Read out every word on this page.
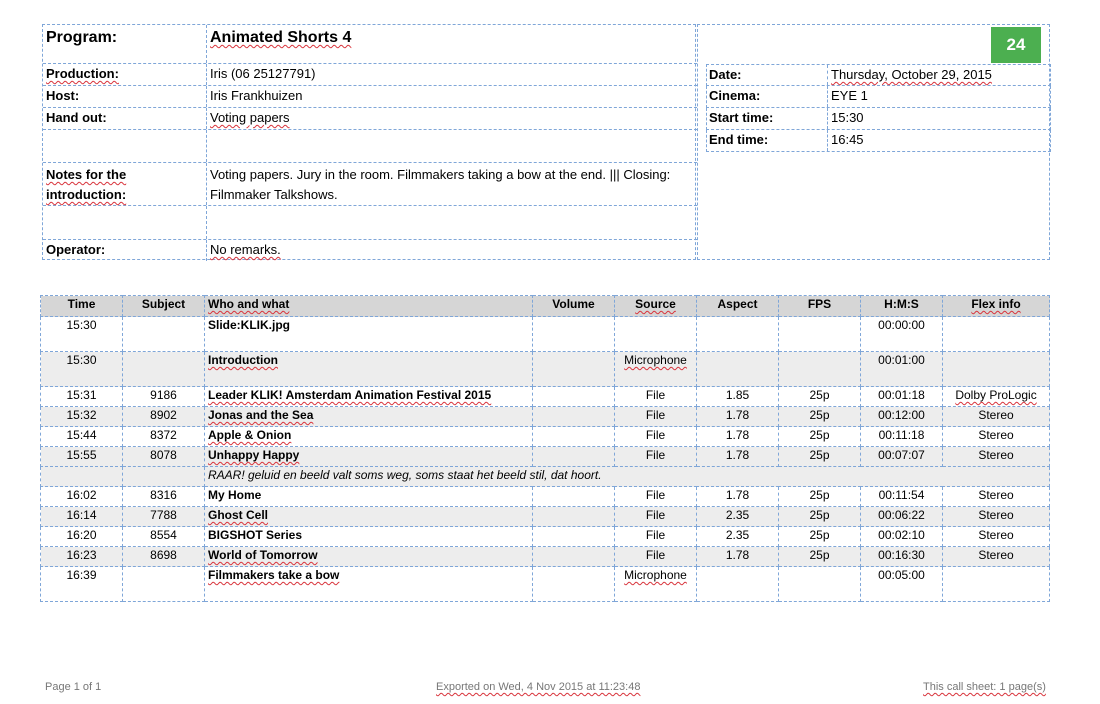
Program:	Animated Shorts 4
Production:	Iris (06 25127791)
Host:	Iris Frankhuizen
Hand out:	Voting papers
Notes for the introduction:
Voting papers. Jury in the room. Filmmakers taking a bow at the end. ||| Closing: Filmmaker Talkshows.
Operator:	No remarks.
24
Date:	Thursday, October 29, 2015
Cinema:	EYE 1
Start time:	15:30
End time:	16:45
Time	Subject	Who and what	Volume	Source	Aspect	FPS	H:M:S	Flex info
15:30		Slide:KLIK.jpg					00:00:00	
15:30		Introduction		Microphone			00:01:00	
15:31	9186	Leader KLIK! Amsterdam Animation Festival 2015		File	1.85	25p	00:01:18	Dolby ProLogic
15:32	8902	Jonas and the Sea		File	1.78	25p	00:12:00	Stereo
15:44	8372	Apple & Onion		File	1.78	25p	00:11:18	Stereo
15:55	8078	Unhappy Happy		File	1.78	25p	00:07:07	Stereo
		RAAR! geluid en beeld valt soms weg, soms staat het beeld stil, dat hoort.						
16:02	8316	My Home		File	1.78	25p	00:11:54	Stereo
16:14	7788	Ghost Cell		File	2.35	25p	00:06:22	Stereo
16:20	8554	BIGSHOT Series		File	2.35	25p	00:02:10	Stereo
16:23	8698	World of Tomorrow		File	1.78	25p	00:16:30	Stereo
16:39		Filmmakers take a bow		Microphone			00:05:00	
Page 1 of 1	Exported on Wed, 4 Nov 2015 at 11:23:48	This call sheet: 1 page(s)
